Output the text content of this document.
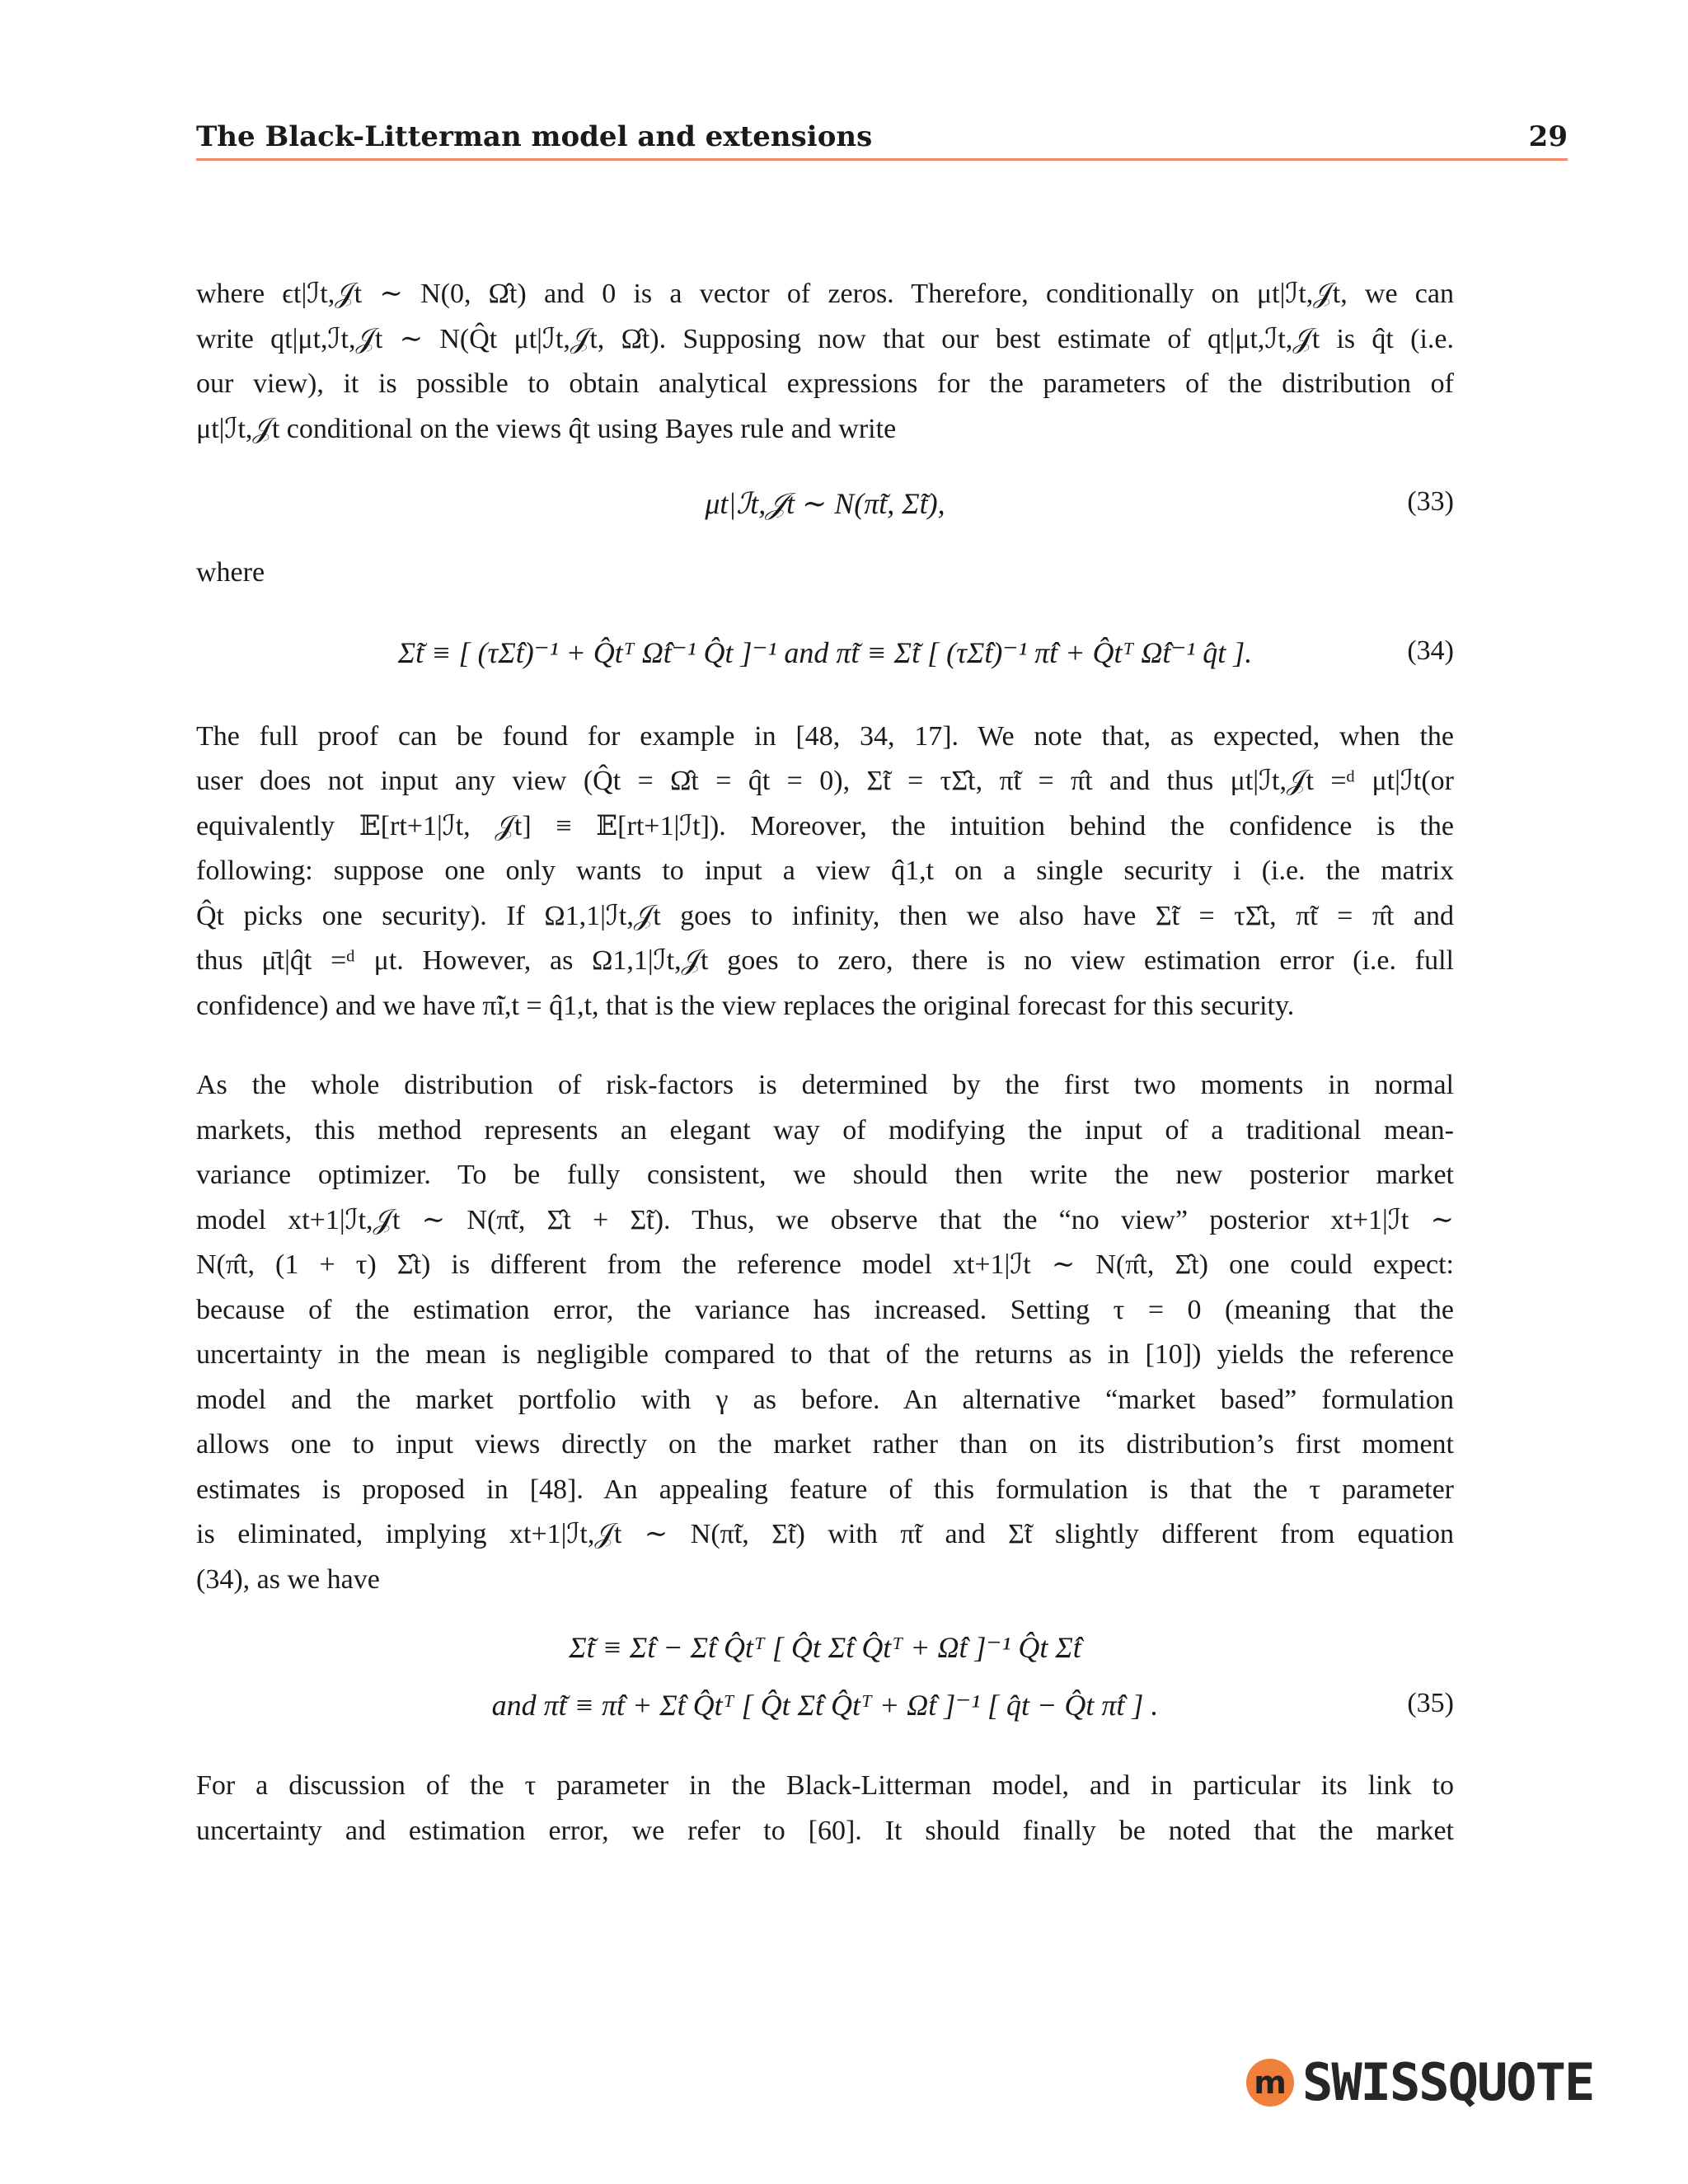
The Black-Litterman model and extensions	29

where ϵt|ℐt,𝒥t ∼ N(0, Ω̂t) and 0 is a vector of zeros. Therefore, conditionally on μt|ℐt,𝒥t, we can
write qt|μt,ℐt,𝒥t ∼ N(Q̂t μt|ℐt,𝒥t, Ω̂t). Supposing now that our best estimate of qt|μt,ℐt,𝒥t is q̂t (i.e.
our view), it is possible to obtain analytical expressions for the parameters of the distribution of
μt|ℐt,𝒥t conditional on the views q̂t using Bayes rule and write

μt|ℐt,𝒥t ∼ N(π̃t, Σ̃t),	(33)

where

Σ̃t ≡ [ (τΣ̂t)⁻¹ + Q̂tᵀ Ω̂t⁻¹ Q̂t ]⁻¹ and π̃t ≡ Σ̃t [ (τΣ̂t)⁻¹ π̂t + Q̂tᵀ Ω̂t⁻¹ q̂t ].	(34)

The full proof can be found for example in [48, 34, 17]. We note that, as expected, when the
user does not input any view (Q̂t = Ω̂t = q̂t = 0), Σ̃t = τΣ̂t, π̃t = π̂t and thus μt|ℐt,𝒥t =ᵈ μt|ℐt(or
equivalently 𝔼[rt+1|ℐt, 𝒥t] ≡ 𝔼[rt+1|ℐt]). Moreover, the intuition behind the confidence is the
following: suppose one only wants to input a view q̂1,t on a single security i (i.e. the matrix
Q̂t picks one security). If Ω1,1|ℐt,𝒥t goes to infinity, then we also have Σ̃t = τΣ̂t, π̃t = π̂t and
thus μ̄t|q̂t =ᵈ μt. However, as Ω1,1|ℐt,𝒥t goes to zero, there is no view estimation error (i.e. full
confidence) and we have π̃i,t = q̂1,t, that is the view replaces the original forecast for this security.

As the whole distribution of risk-factors is determined by the first two moments in normal
markets, this method represents an elegant way of modifying the input of a traditional mean-
variance optimizer. To be fully consistent, we should then write the new posterior market
model xt+1|ℐt,𝒥t ∼ N(π̃t, Σ̂t + Σ̃t). Thus, we observe that the “no view” posterior xt+1|ℐt ∼
N(π̂t, (1 + τ) Σ̂t) is different from the reference model xt+1|ℐt ∼ N(π̂t, Σ̂t) one could expect:
because of the estimation error, the variance has increased. Setting τ = 0 (meaning that the
uncertainty in the mean is negligible compared to that of the returns as in [10]) yields the reference
model and the market portfolio with γ as before. An alternative “market based” formulation
allows one to input views directly on the market rather than on its distribution’s first moment
estimates is proposed in [48]. An appealing feature of this formulation is that the τ parameter
is eliminated, implying xt+1|ℐt,𝒥t ∼ N(π̃t, Σ̃t) with π̃t and Σ̃t slightly different from equation
(34), as we have

Σ̃t ≡ Σ̂t − Σ̂t Q̂tᵀ [ Q̂t Σ̂t Q̂tᵀ + Ω̂t ]⁻¹ Q̂t Σ̂t
and π̃t ≡ π̂t + Σ̂t Q̂tᵀ [ Q̂t Σ̂t Q̂tᵀ + Ω̂t ]⁻¹ [ q̂t − Q̂t π̂t ] .	(35)

For a discussion of the τ parameter in the Black-Litterman model, and in particular its link to
uncertainty and estimation error, we refer to [60]. It should finally be noted that the market

m SWISSQUOTE
